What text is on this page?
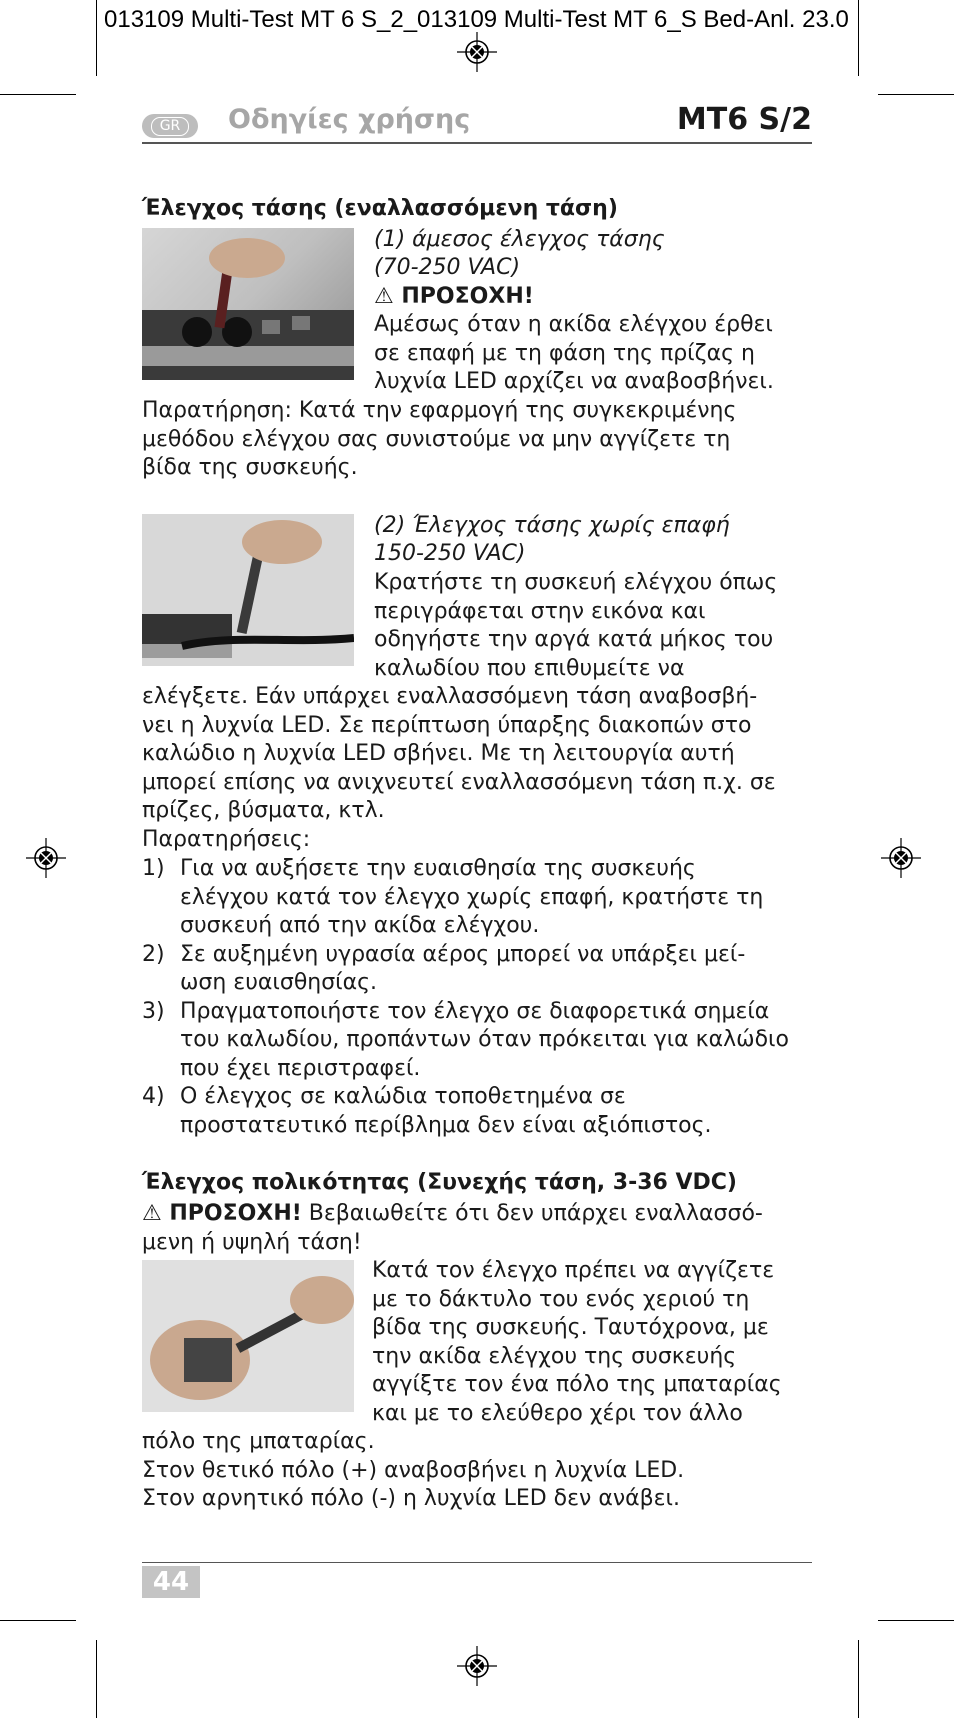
013109 Multi-Test MT 6 S_2_013109 Multi-Test MT 6_S Bed-Anl. 23.0
GR	Οδηγίες χρήσης	MT6 S/2
Έλεγχος τάσης (εναλλασσόμενη τάση)
(1) άμεσος έλεγχος τάσης
(70-250 VAC)
⚠ ΠΡΟΣΟΧΗ!
Αμέσως όταν η ακίδα ελέγχου έρθει
σε επαφή με τη φάση της πρίζας η
λυχνία LED αρχίζει να αναβοσβήνει.
Παρατήρηση: Κατά την εφαρμογή της συγκεκριμένης
μεθόδου ελέγχου σας συνιστούμε να μην αγγίζετε τη
βίδα της συσκευής.
(2) Έλεγχος τάσης χωρίς επαφή
150-250 VAC)
Κρατήστε τη συσκευή ελέγχου όπως
περιγράφεται στην εικόνα και
οδηγήστε την αργά κατά μήκος του
καλωδίου που επιθυμείτε να
ελέγξετε. Εάν υπάρχει εναλλασσόμενη τάση αναβοσβή-
νει η λυχνία LED. Σε περίπτωση ύπαρξης διακοπών στο
καλώδιο η λυχνία LED σβήνει. Με τη λειτουργία αυτή
μπορεί επίσης να ανιχνευτεί εναλλασσόμενη τάση π.χ. σε
πρίζες, βύσματα, κτλ.
Παρατηρήσεις:
1) Για να αυξήσετε την ευαισθησία της συσκευής
ελέγχου κατά τον έλεγχο χωρίς επαφή, κρατήστε τη
συσκευή από την ακίδα ελέγχου.
2) Σε αυξημένη υγρασία αέρος μπορεί να υπάρξει μεί-
ωση ευαισθησίας.
3) Πραγματοποιήστε τον έλεγχο σε διαφορετικά σημεία
του καλωδίου, προπάντων όταν πρόκειται για καλώδιο
που έχει περιστραφεί.
4) Ο έλεγχος σε καλώδια τοποθετημένα σε
προστατευτικό περίβλημα δεν είναι αξιόπιστος.
Έλεγχος πολικότητας (Συνεχής τάση, 3-36 VDC)
⚠ ΠΡΟΣΟΧΗ! Βεβαιωθείτε ότι δεν υπάρχει εναλλασσό-
μενη ή υψηλή τάση!
Κατά τον έλεγχο πρέπει να αγγίζετε
με το δάκτυλο του ενός χεριού τη
βίδα της συσκευής. Ταυτόχρονα, με
την ακίδα ελέγχου της συσκευής
αγγίξτε τον ένα πόλο της μπαταρίας
και με το ελεύθερο χέρι τον άλλο
πόλο της μπαταρίας.
Στον θετικό πόλο (+) αναβοσβήνει η λυχνία LED.
Στον αρνητικό πόλο (-) η λυχνία LED δεν ανάβει.
44
